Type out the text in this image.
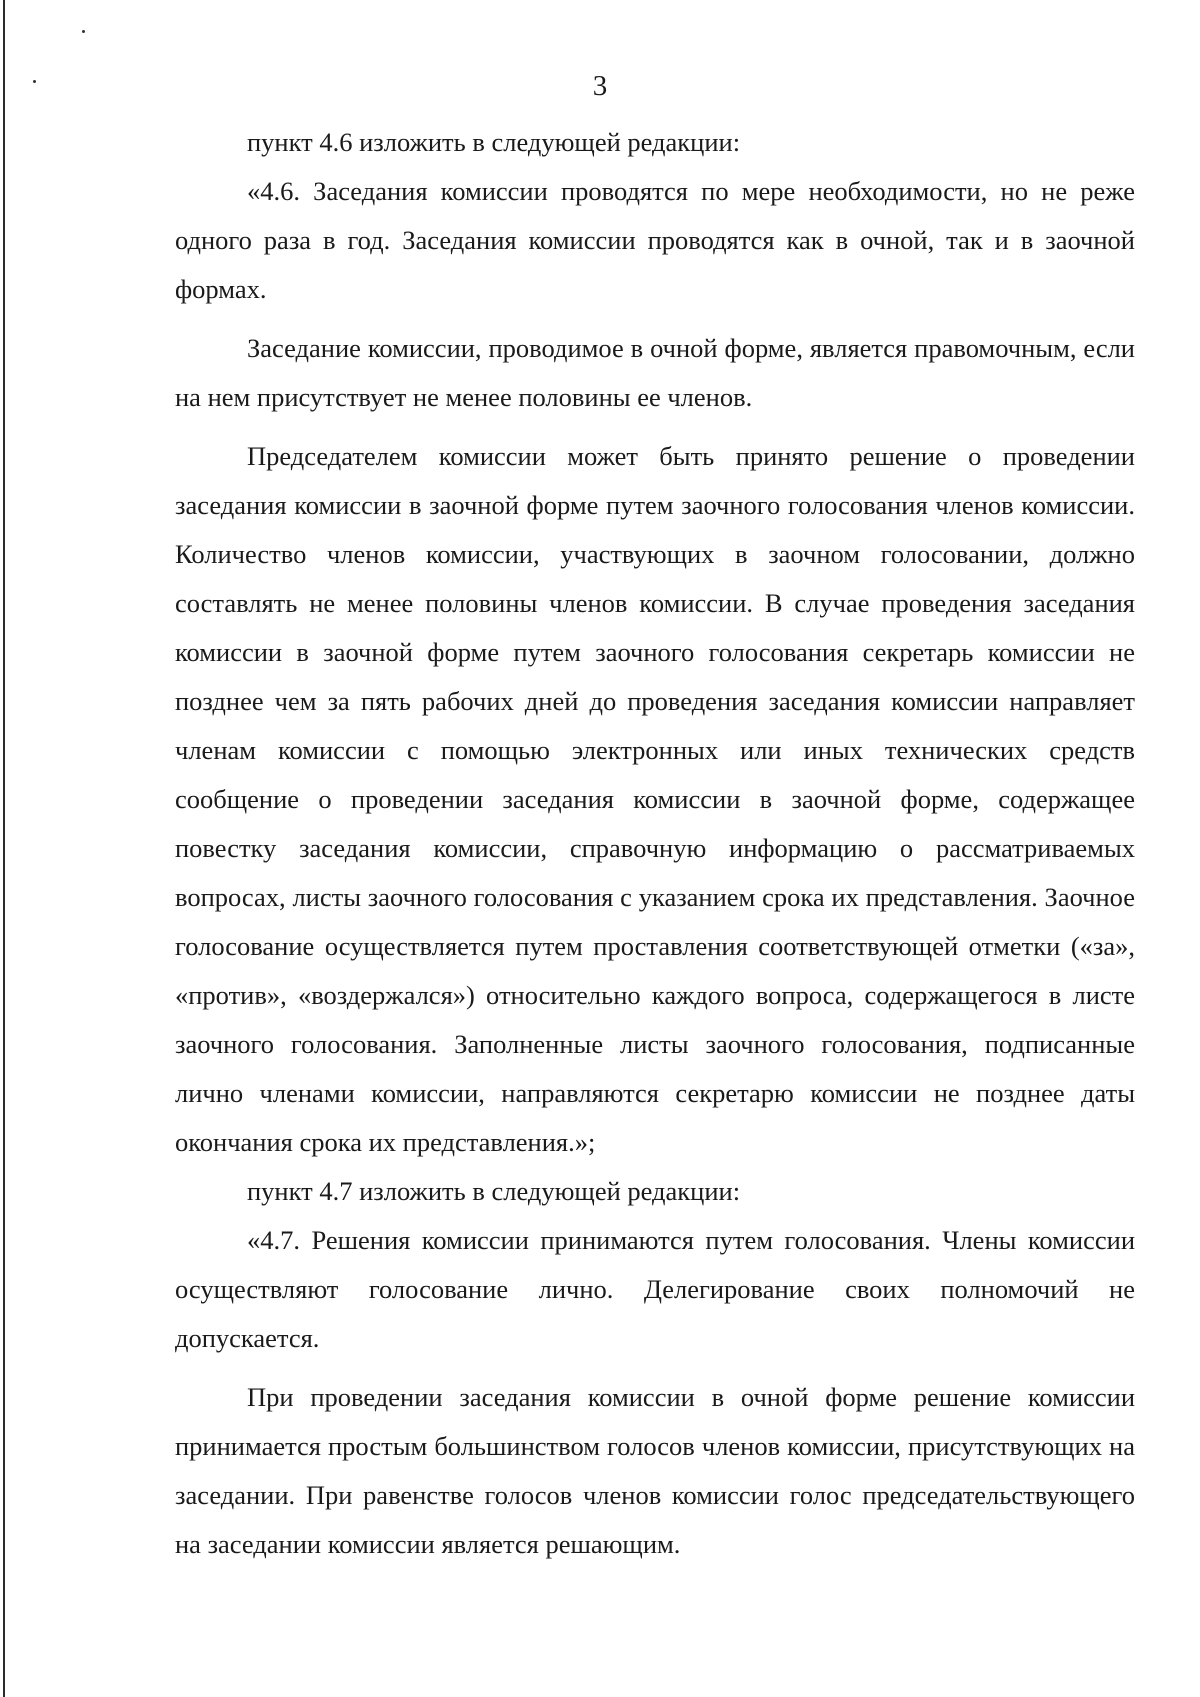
3

пункт 4.6 изложить в следующей редакции:

«4.6. Заседания комиссии проводятся по мере необходимости, но не реже одного раза в год. Заседания комиссии проводятся как в очной, так и в заочной формах.

Заседание комиссии, проводимое в очной форме, является правомочным, если на нем присутствует не менее половины ее членов.

Председателем комиссии может быть принято решение о проведении заседания комиссии в заочной форме путем заочного голосования членов комиссии. Количество членов комиссии, участвующих в заочном голосовании, должно составлять не менее половины членов комиссии. В случае проведения заседания комиссии в заочной форме путем заочного голосования секретарь комиссии не позднее чем за пять рабочих дней до проведения заседания комиссии направляет членам комиссии с помощью электронных или иных технических средств сообщение о проведении заседания комиссии в заочной форме, содержащее повестку заседания комиссии, справочную информацию о рассматриваемых вопросах, листы заочного голосования с указанием срока их представления. Заочное голосование осуществляется путем проставления соответствующей отметки («за», «против», «воздержался») относительно каждого вопроса, содержащегося в листе заочного голосования. Заполненные листы заочного голосования, подписанные лично членами комиссии, направляются секретарю комиссии не позднее даты окончания срока их представления.»;

пункт 4.7 изложить в следующей редакции:

«4.7. Решения комиссии принимаются путем голосования. Члены комиссии осуществляют голосование лично. Делегирование своих полномочий не допускается.

При проведении заседания комиссии в очной форме решение комиссии принимается простым большинством голосов членов комиссии, присутствующих на заседании. При равенстве голосов членов комиссии голос председательствующего на заседании комиссии является решающим.
